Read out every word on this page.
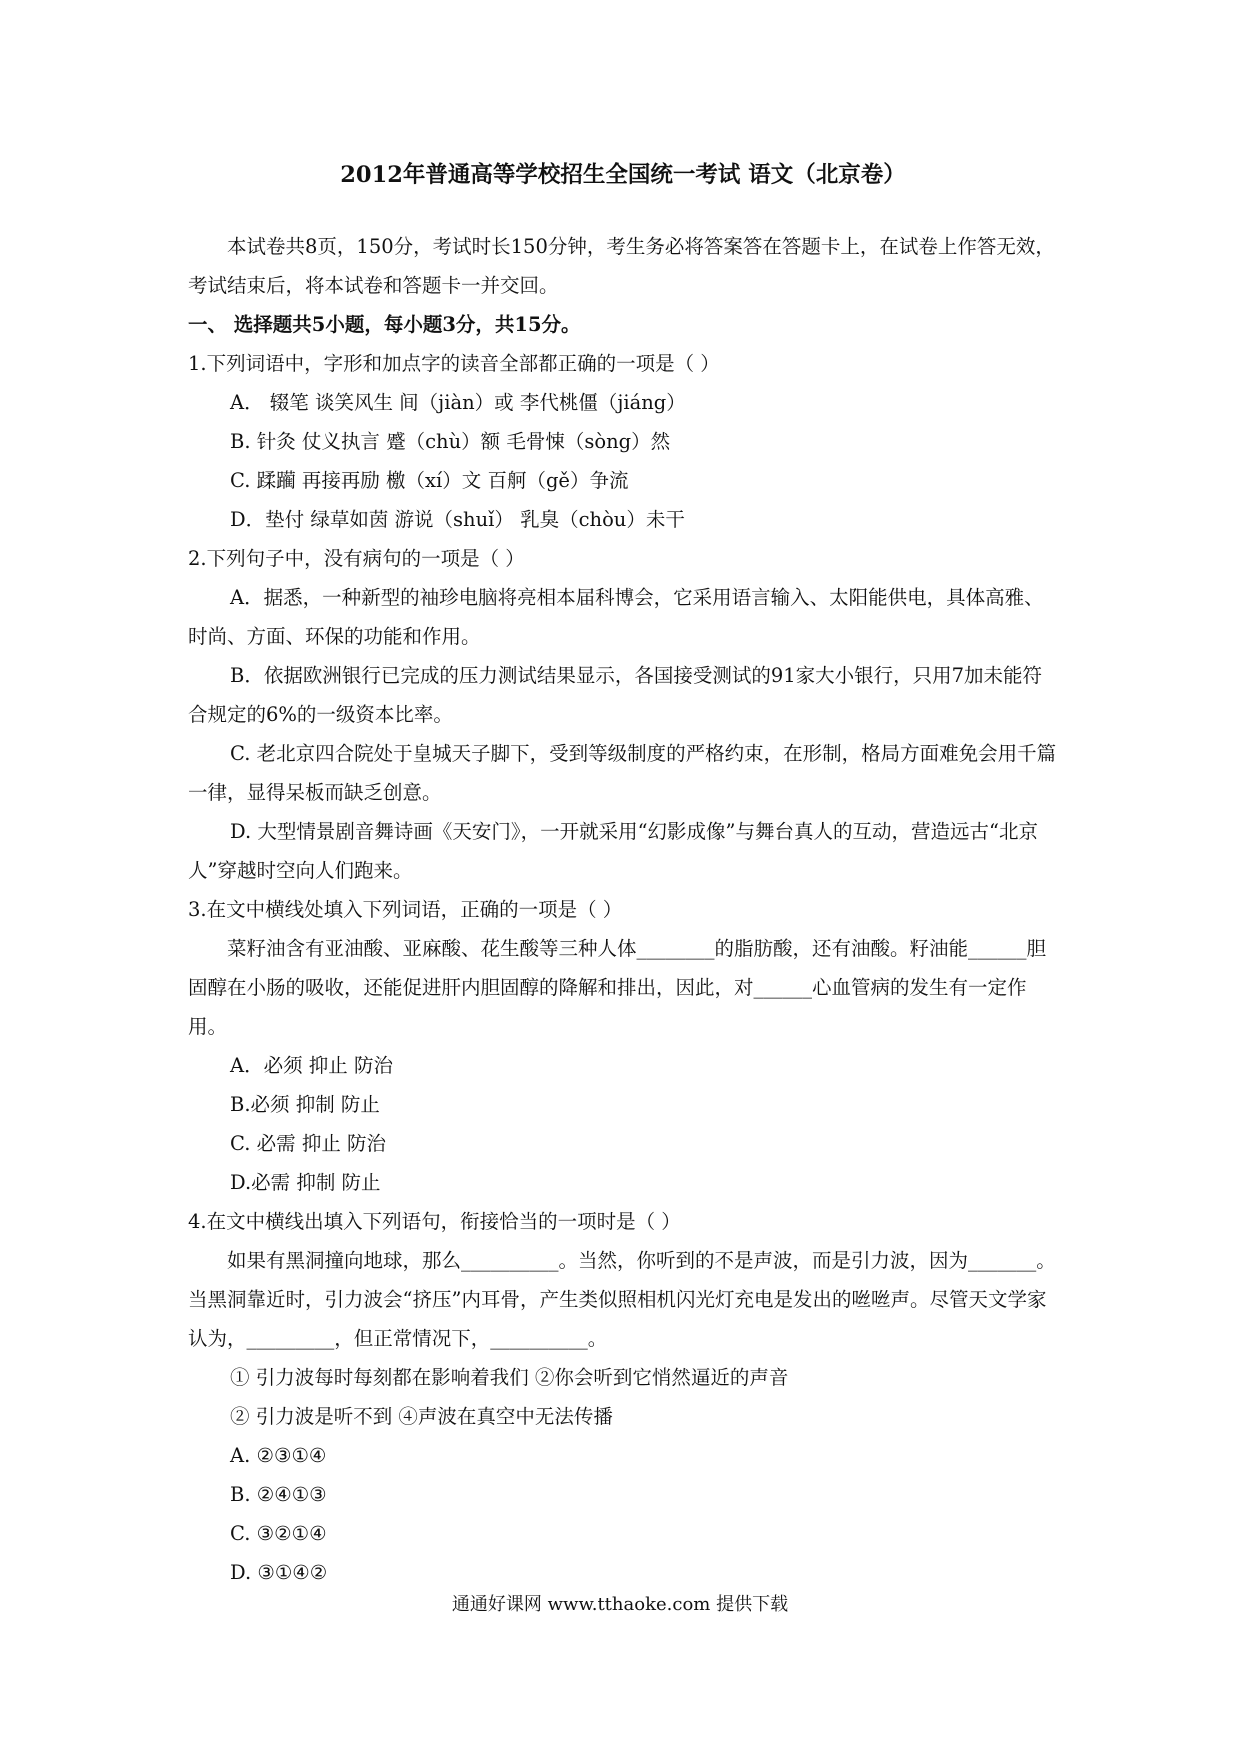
2012年普通高等学校招生全国统一考试 语文（北京卷）

本试卷共8页，150分，考试时长150分钟，考生务必将答案答在答题卡上，在试卷上作答无效，考试结束后，将本试卷和答题卡一并交回。

一、 选择题共5小题，每小题3分，共15分。

1.下列词语中，字形和加点字的读音全部都正确的一项是（ ）

A． 辍笔 谈笑风生 间（jiàn）或 李代桃僵（jiáng）

B. 针灸 仗义执言 蹙（chù）额 毛骨悚（sòng）然

C. 蹂躏 再接再励 檄（xí）文 百舸（gě）争流

D．垫付 绿草如茵 游说（shuǐ） 乳臭（chòu）未干

2.下列句子中，没有病句的一项是（ ）

A．据悉，一种新型的袖珍电脑将亮相本届科博会，它采用语言输入、太阳能供电，具体高雅、时尚、方面、环保的功能和作用。

B．依据欧洲银行已完成的压力测试结果显示，各国接受测试的91家大小银行，只用7加未能符合规定的6%的一级资本比率。

C. 老北京四合院处于皇城天子脚下，受到等级制度的严格约束，在形制，格局方面难免会用千篇一律，显得呆板而缺乏创意。

D. 大型情景剧音舞诗画《天安门》，一开就采用“幻影成像”与舞台真人的互动，营造远古“北京人”穿越时空向人们跑来。

3.在文中横线处填入下列词语，正确的一项是（ ）

菜籽油含有亚油酸、亚麻酸、花生酸等三种人体________的脂肪酸，还有油酸。籽油能______胆固醇在小肠的吸收，还能促进肝内胆固醇的降解和排出，因此，对______心血管病的发生有一定作用。

A．必须 抑止 防治

B.必须 抑制 防止

C. 必需 抑止 防治

D.必需 抑制 防止

4.在文中横线出填入下列语句，衔接恰当的一项时是（ ）

如果有黑洞撞向地球，那么__________。当然，你听到的不是声波，而是引力波，因为_______。当黑洞靠近时，引力波会“挤压”内耳骨，产生类似照相机闪光灯充电是发出的咝咝声。尽管天文学家认为，_________，但正常情况下，__________。

① 引力波每时每刻都在影响着我们 ②你会听到它悄然逼近的声音

② 引力波是听不到 ④声波在真空中无法传播

A. ②③①④

B. ②④①③

C. ③②①④

D. ③①④②

通通好课网 www.tthaoke.com 提供下载
